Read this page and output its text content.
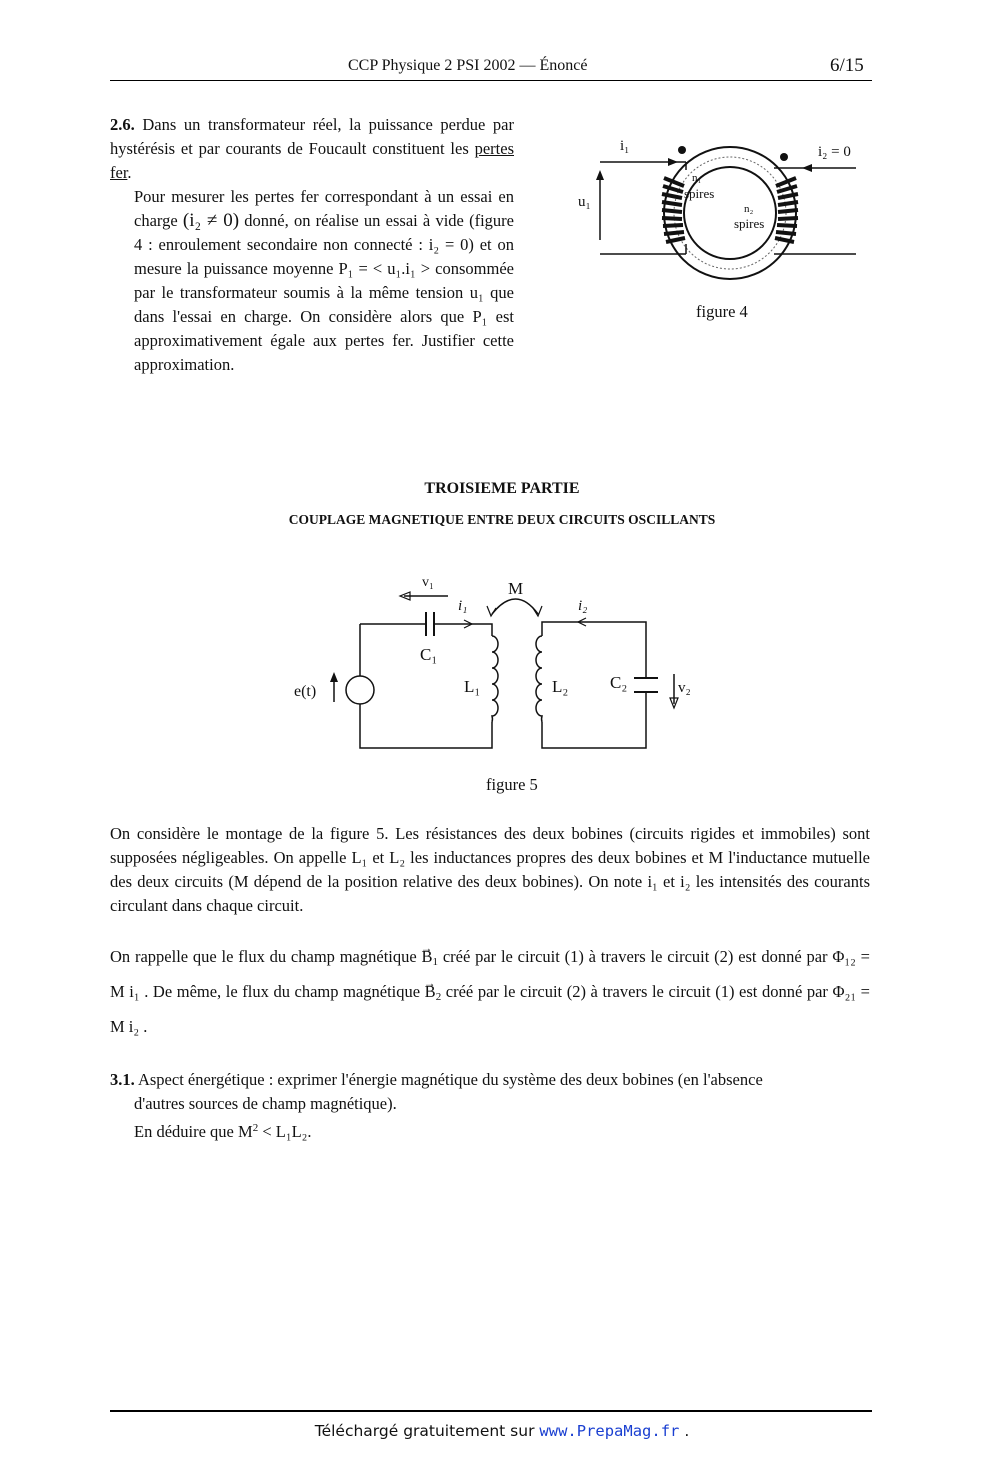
CCP Physique 2 PSI 2002 — Énoncé	6/15
2.6. Dans un transformateur réel, la puissance perdue par hystérésis et par courants de Foucault constituent les pertes fer.
Pour mesurer les pertes fer correspondant à un essai en charge (i₂ ≠ 0) donné, on réalise un essai à vide (figure 4 : enroulement secondaire non connecté : i₂ = 0) et on mesure la puissance moyenne P₁ = < u₁.i₁ > consommée par le transformateur soumis à la même tension u₁ que dans l'essai en charge. On considère alors que P₁ est approximativement égale aux pertes fer. Justifier cette approximation.
i₁	i₂ = 0
u₁
n₁
spires
n₂
spires
figure 4
TROISIEME PARTIE
COUPLAGE MAGNETIQUE ENTRE DEUX CIRCUITS OSCILLANTS
v₁	M
i₁	i₂
C₁
L₁	L₂ C₂	v₂
e(t)
figure 5
On considère le montage de la figure 5. Les résistances des deux bobines (circuits rigides et immobiles) sont supposées négligeables. On appelle L₁ et L₂ les inductances propres des deux bobines et M l'inductance mutuelle des deux circuits (M dépend de la position relative des deux bobines). On note i₁ et i₂ les intensités des courants circulant dans chaque circuit.
On rappelle que le flux du champ magnétique → $B_1$ créé par le circuit (1) à travers le circuit (2) est donné par Φ₁₂ = M i₁ . De même, le flux du champ magnétique → $B_2$ créé par le circuit (2) à travers le circuit (1) est donné par Φ₂₁ = M i₂ .
3.1. Aspect énergétique : exprimer l'énergie magnétique du système des deux bobines (en l'absence
d'autres sources de champ magnétique).
En déduire que $M^2 < L_1L_2$.
Téléchargé gratuitement sur www.PrepaMag.fr .
